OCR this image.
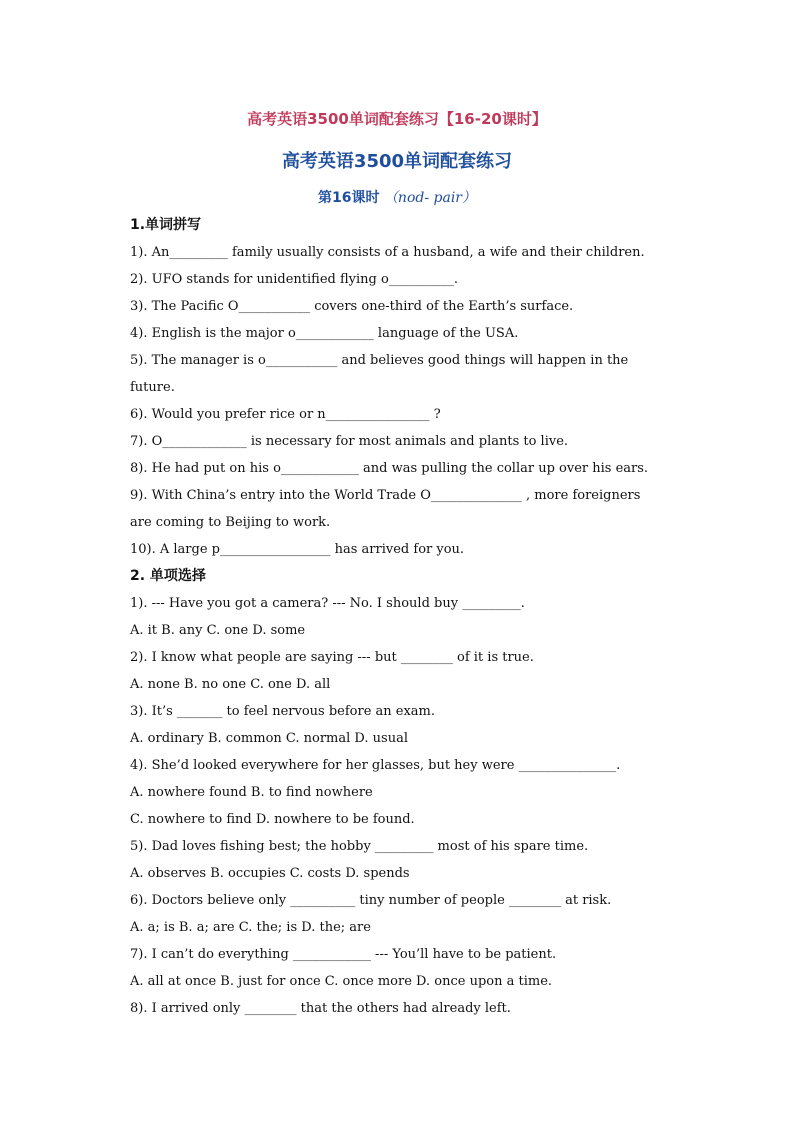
高考英语3500单词配套练习【16-20课时】
高考英语3500单词配套练习
第16课时 （nod- pair）
1.单词拼写
1). An_________ family usually consists of a husband, a wife and their children.
2). UFO stands for unidentified flying o__________.
3). The Pacific O___________ covers one-third of the Earth’s surface.
4). English is the major o____________ language of the USA.
5). The manager is o___________ and believes good things will happen in the
future.
6). Would you prefer rice or n________________ ?
7). O_____________ is necessary for most animals and plants to live.
8). He had put on his o____________ and was pulling the collar up over his ears.
9). With China’s entry into the World Trade O______________ , more foreigners
are coming to Beijing to work.
10). A large p_________________ has arrived for you.
2. 单项选择
1). --- Have you got a camera? --- No. I should buy _________.
A. it B. any C. one D. some
2). I know what people are saying --- but ________ of it is true.
A. none B. no one C. one D. all
3). It’s _______ to feel nervous before an exam.
A. ordinary B. common C. normal D. usual
4). She’d looked everywhere for her glasses, but hey were _______________.
A. nowhere found B. to find nowhere
C. nowhere to find D. nowhere to be found.
5). Dad loves fishing best; the hobby _________ most of his spare time.
A. observes B. occupies C. costs D. spends
6). Doctors believe only __________ tiny number of people ________ at risk.
A. a; is B. a; are C. the; is D. the; are
7). I can’t do everything ____________ --- You’ll have to be patient.
A. all at once B. just for once C. once more D. once upon a time.
8). I arrived only ________ that the others had already left.
